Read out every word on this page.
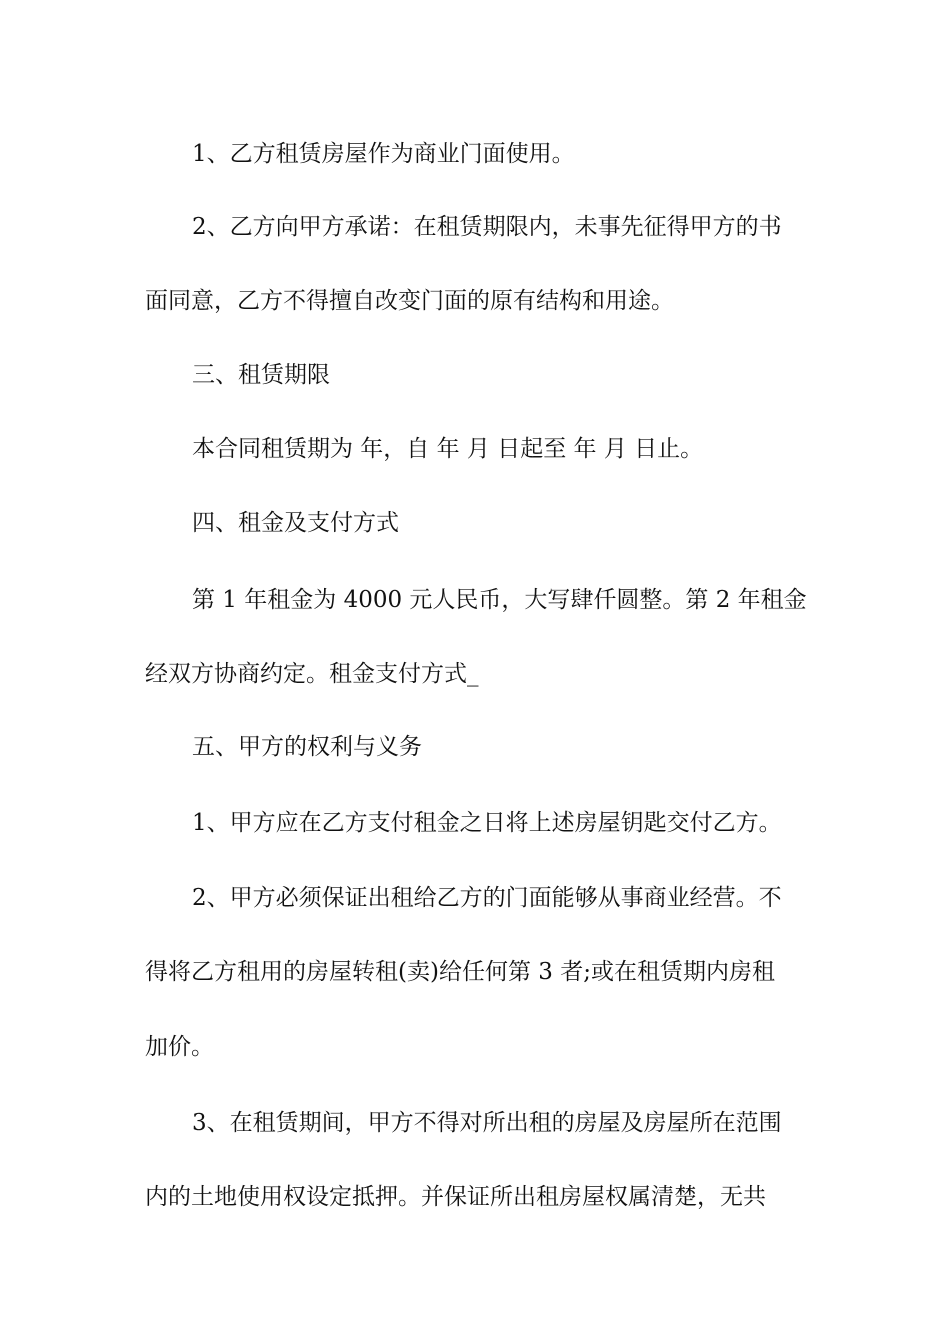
1、乙方租赁房屋作为商业门面使用。
2、乙方向甲方承诺：在租赁期限内，未事先征得甲方的书
面同意，乙方不得擅自改变门面的原有结构和用途。
三、租赁期限
本合同租赁期为 年，自 年 月 日起至 年 月 日止。
四、租金及支付方式
第 1 年租金为 4000 元人民币，大写肆仟圆整。第 2 年租金
经双方协商约定。租金支付方式_
五、甲方的权利与义务
1、甲方应在乙方支付租金之日将上述房屋钥匙交付乙方。
2、甲方必须保证出租给乙方的门面能够从事商业经营。不
得将乙方租用的房屋转租(卖)给任何第 3 者;或在租赁期内房租
加价。
3、在租赁期间，甲方不得对所出租的房屋及房屋所在范围
内的土地使用权设定抵押。并保证所出租房屋权属清楚，无共
